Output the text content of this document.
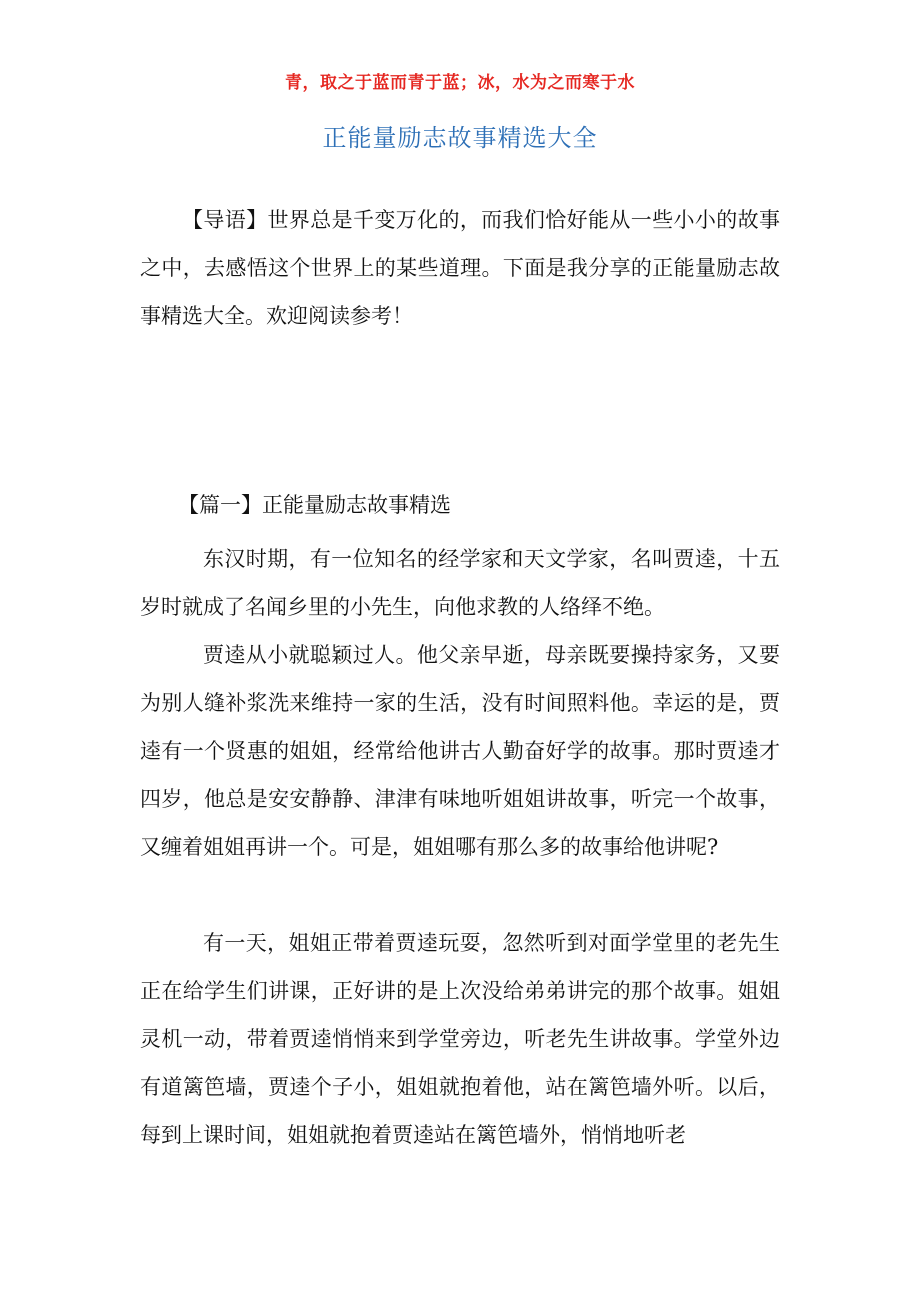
青，取之于蓝而青于蓝；冰，水为之而寒于水
正能量励志故事精选大全

【导语】世界总是千变万化的，而我们恰好能从一些小小的故事之中，去感悟这个世界上的某些道理。下面是我分享的正能量励志故事精选大全。欢迎阅读参考！

【篇一】正能量励志故事精选

东汉时期，有一位知名的经学家和天文学家，名叫贾逵，十五岁时就成了名闻乡里的小先生，向他求教的人络绎不绝。

贾逵从小就聪颖过人。他父亲早逝，母亲既要操持家务，又要为别人缝补浆洗来维持一家的生活，没有时间照料他。幸运的是，贾逵有一个贤惠的姐姐，经常给他讲古人勤奋好学的故事。那时贾逵才四岁，他总是安安静静、津津有味地听姐姐讲故事，听完一个故事，又缠着姐姐再讲一个。可是，姐姐哪有那么多的故事给他讲呢?

有一天，姐姐正带着贾逵玩耍，忽然听到对面学堂里的老先生正在给学生们讲课，正好讲的是上次没给弟弟讲完的那个故事。姐姐灵机一动，带着贾逵悄悄来到学堂旁边，听老先生讲故事。学堂外边有道篱笆墙，贾逵个子小，姐姐就抱着他，站在篱笆墙外听。以后，每到上课时间，姐姐就抱着贾逵站在篱笆墙外，悄悄地听老
